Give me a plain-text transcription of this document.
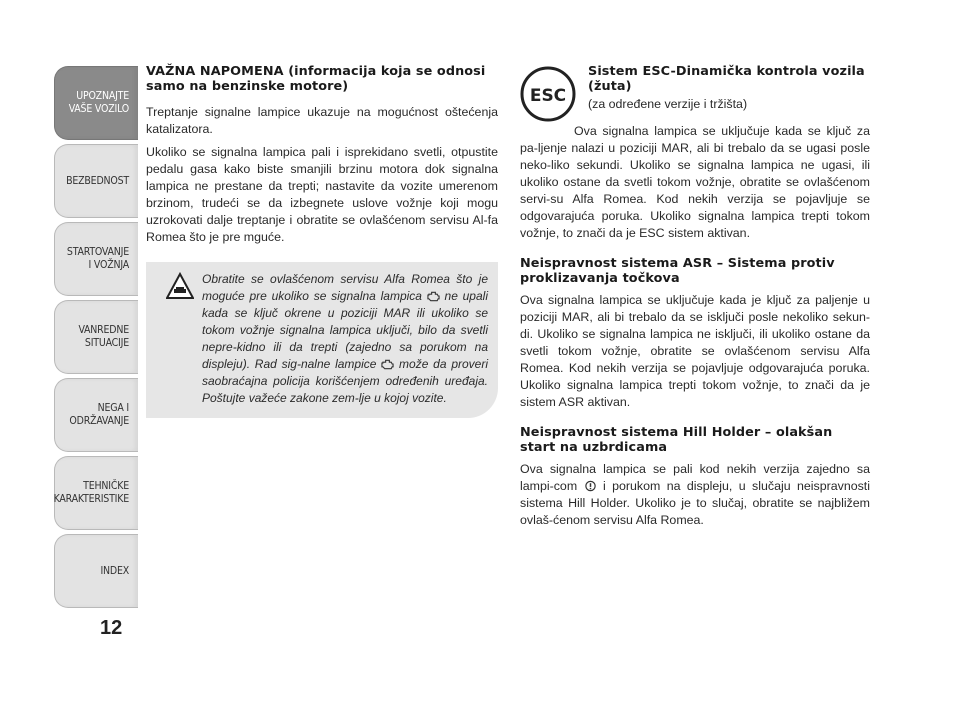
UPOZNAJTE
VAŠE VOZILO
BEZBEDNOST
STARTOVANJE
I VOŽNJA
VANREDNE
SITUACIJE
NEGA I
ODRŽAVANJE
TEHNIČKE
KARAKTERISTIKE
INDEX
12
VAŽNA NAPOMENA (informacija koja se odnosi samo na benzinske motore)

Treptanje signalne lampice ukazuje na mogućnost oštećenja katalizatora.

Ukoliko se signalna lampica pali i isprekidano svetli, otpustite pedalu gasa kako biste smanjili brzinu motora dok signalna lampica ne prestane da trepti; nastavite da vozite umerenom brzinom, trudeći se da izbegnete uslove vožnje koji mogu uzrokovati dalje treptanje i obratite se ovlašćenom servisu Al-fa Romea što je pre mguće.

Obratite se ovlašćenom servisu Alfa Romea što je moguće pre ukoliko se signalna lampica ne upali kada se ključ okrene u poziciji MAR ili ukoliko se tokom vožnje signalna lampica uključi, bilo da svetli nepre-kidno ili da trepti (zajedno sa porukom na displeju). Rad sig-nalne lampice može da proveri saobraćajna policija korišćenjem određenih uređaja. Poštujte važeće zakone zem-lje u kojoj vozite.

ESC
Sistem ESC-Dinamička kontrola vozila (žuta)

(za određene verzije i tržišta)

Ova signalna lampica se uključuje kada se ključ za pa-ljenje nalazi u poziciji MAR, ali bi trebalo da se ugasi posle neko-liko sekundi. Ukoliko se signalna lampica ne ugasi, ili ukoliko ostane da svetli tokom vožnje, obratite se ovlašćenom servi-su Alfa Romea. Kod nekih verzija se pojavljuje se odgovarajuća poruka. Ukoliko signalna lampica trepti tokom vožnje, to znači da je ESC sistem aktivan.

Neispravnost sistema ASR – Sistema protiv proklizavanja točkova

Ova signalna lampica se uključuje kada je ključ za paljenje u poziciji MAR, ali bi trebalo da se isključi posle nekoliko sekun-di. Ukoliko se signalna lampica ne isključi, ili ukoliko ostane da svetli tokom vožnje, obratite se ovlašćenom servisu Alfa Romea. Kod nekih verzija se pojavljuje odgovarajuća poruka. Ukoliko signalna lampica trepti tokom vožnje, to znači da je sistem ASR aktivan.

Neispravnost sistema Hill Holder – olakšan start na uzbrdicama

Ova signalna lampica se pali kod nekih verzija zajedno sa lampi-com i porukom na displeju, u slučaju neispravnosti sistema Hill Holder. Ukoliko je to slučaj, obratite se najbližem ovlaš-ćenom servisu Alfa Romea.
